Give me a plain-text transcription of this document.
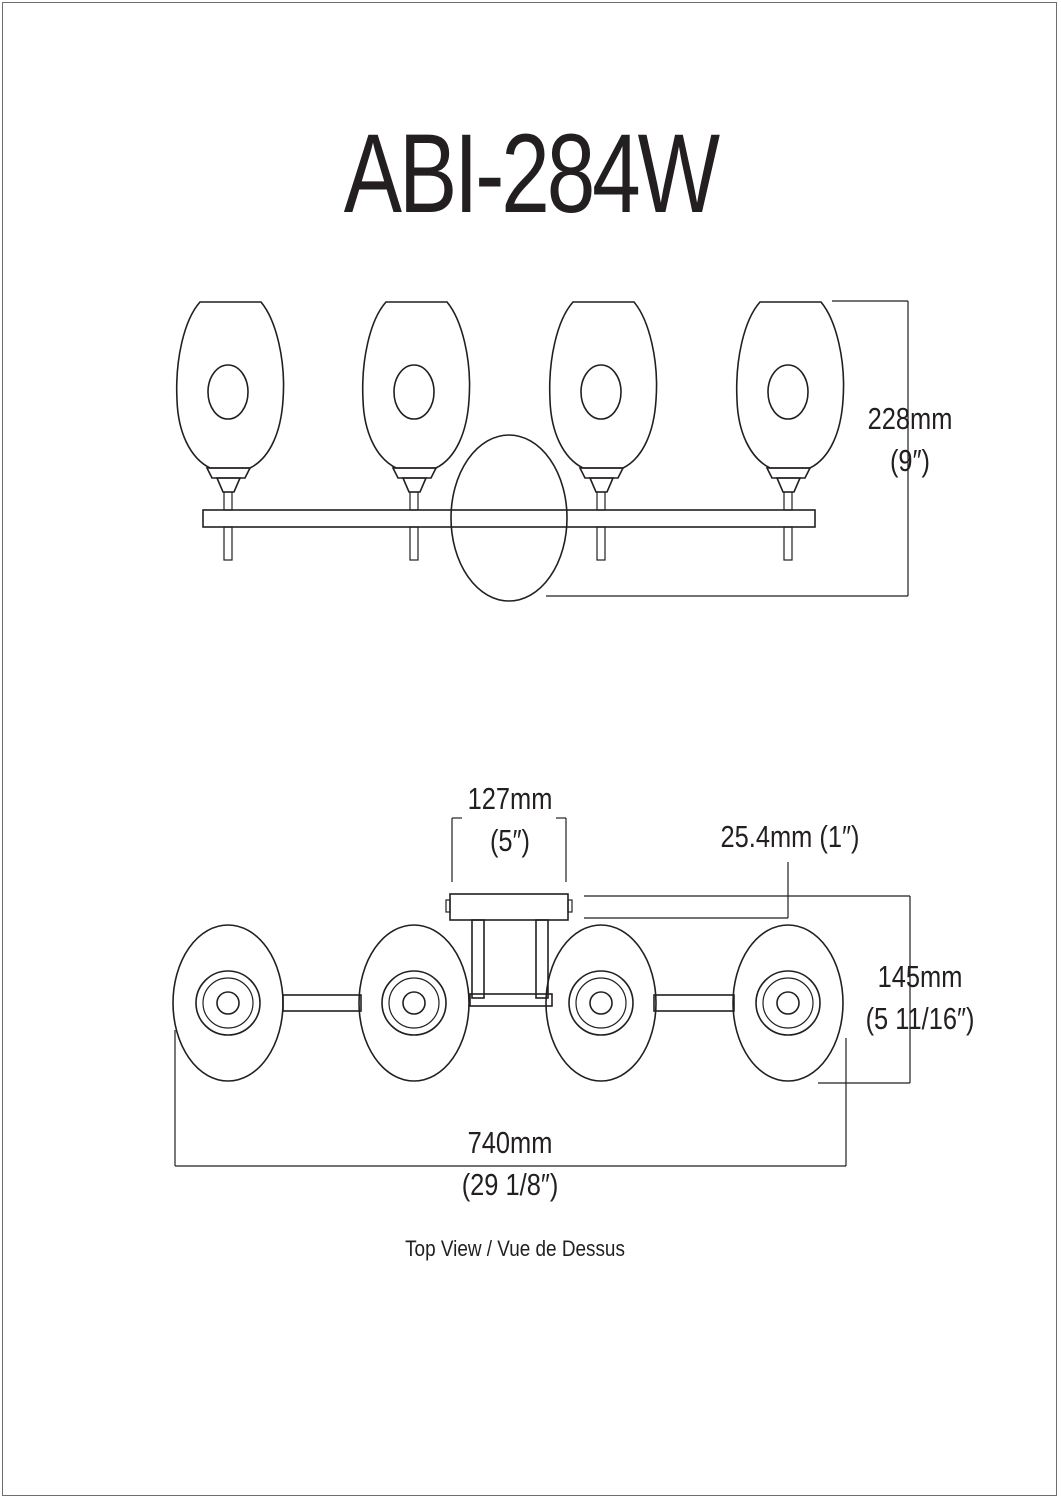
ABI-284W
228mm
(9″)
127mm
(5″)	25.4mm (1″)
145mm
(5 11/16″)
740mm
(29 1/8″)
Top View / Vue de Dessus
